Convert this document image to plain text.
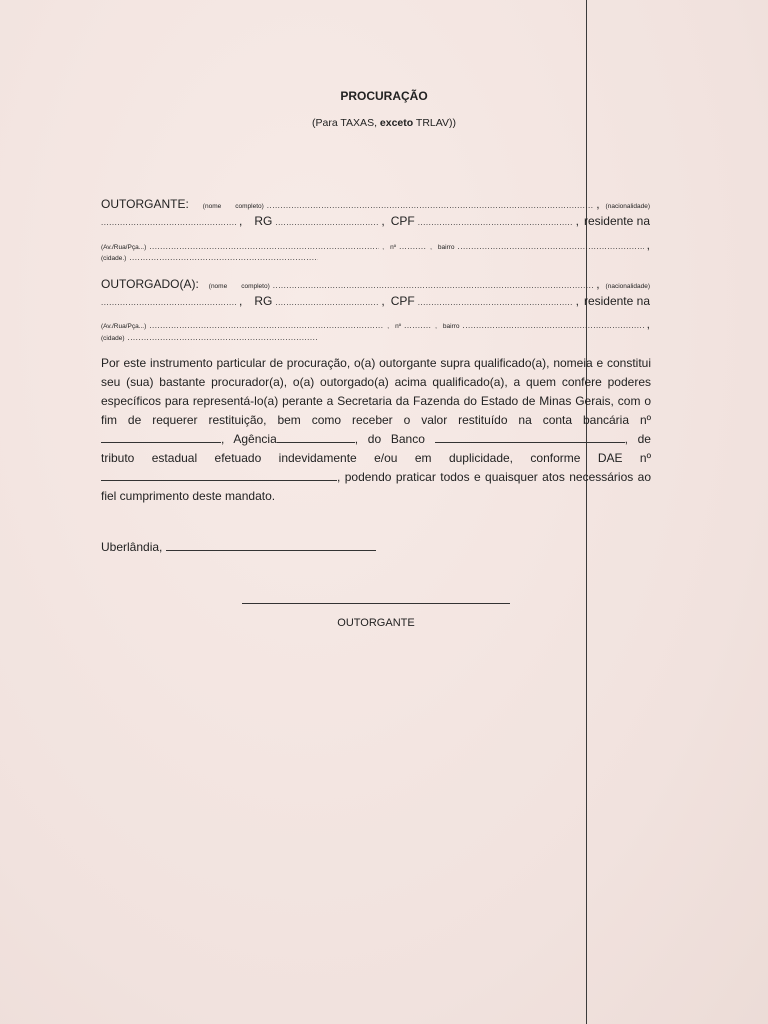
PROCURAÇÃO
(Para TAXAS, exceto TRLAV))
OUTORGANTE: (nome completo) .....	, (nacionalidade)
.....
, RG .....	, CPF .....	, residente na
(Av./Rua/Pça...) .....	, nº .....	, bairro .....	,
(cidade.)
.....
OUTORGADO(A): (nome completo) .....	, (nacionalidade)
.....
, RG .....	, CPF .....	, residente na
(Av./Rua/Pça...) .....	, nº .....	, bairro .....	,
(cidade)
.....
Por este instrumento particular de procuração, o(a) outorgante supra qualificado(a), nomeia e constitui seu (sua) bastante procurador(a), o(a) outorgado(a) acima qualificado(a), a quem confere poderes específicos para representá-lo(a) perante a Secretaria da Fazenda do Estado de Minas Gerais, com o fim de requerer restituição, bem como receber o valor restituído na conta bancária nº , Agência	, do Banco	, de tributo estadual efetuado indevidamente e/ou em duplicidade, conforme DAE nº , podendo praticar todos e quaisquer atos necessários ao fiel cumprimento deste mandato.
Uberlândia,
OUTORGANTE
